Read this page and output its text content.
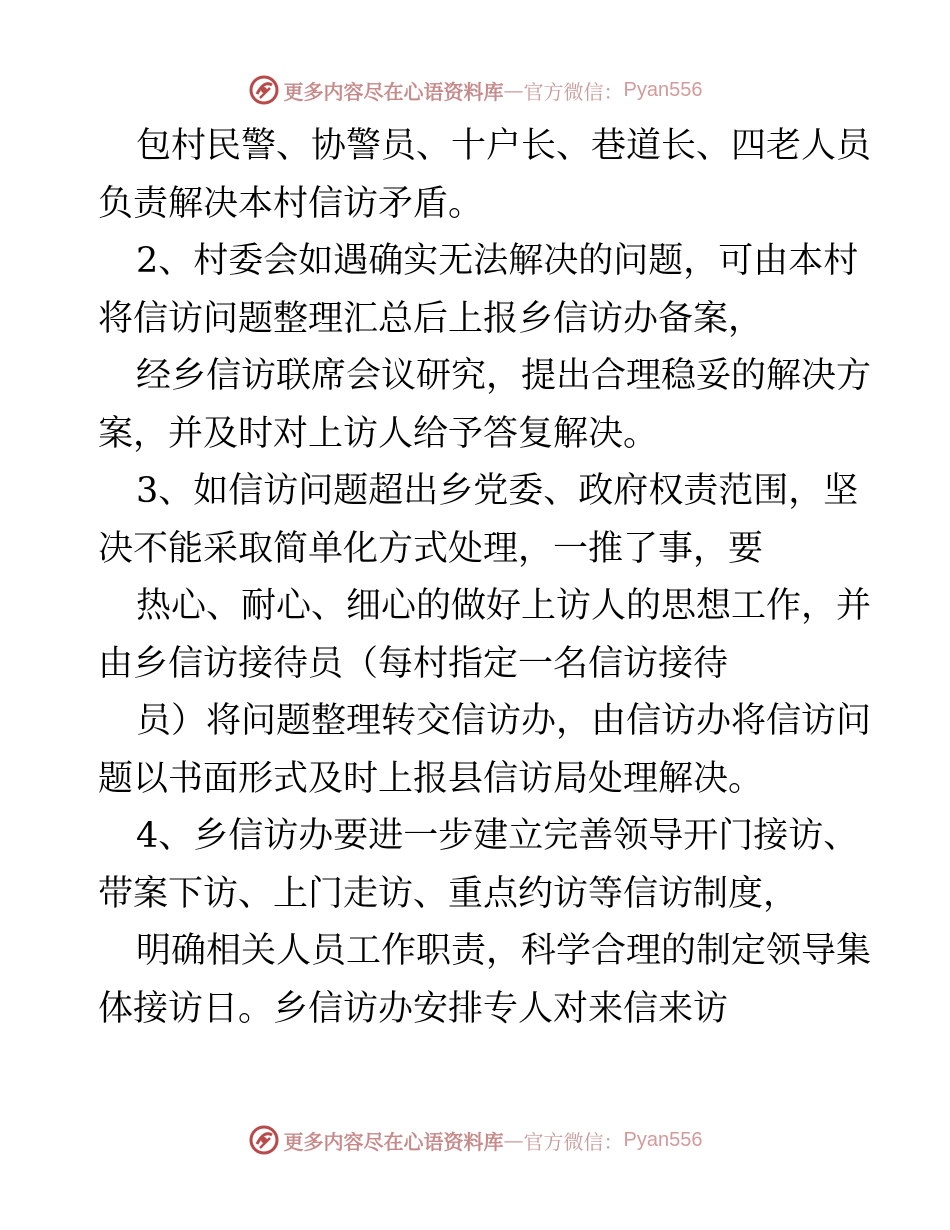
更多内容尽在心语资料库 — 官方微信： Pyan556
包村民警、协警员、十户长、巷道长、四老人员
负责解决本村信访矛盾。
2、村委会如遇确实无法解决的问题，可由本村
将信访问题整理汇总后上报乡信访办备案，
经乡信访联席会议研究，提出合理稳妥的解决方
案，并及时对上访人给予答复解决。
3、如信访问题超出乡党委、政府权责范围，坚
决不能采取简单化方式处理，一推了事，要
热心、耐心、细心的做好上访人的思想工作，并
由乡信访接待员（每村指定一名信访接待
员）将问题整理转交信访办，由信访办将信访问
题以书面形式及时上报县信访局处理解决。
4、乡信访办要进一步建立完善领导开门接访、
带案下访、上门走访、重点约访等信访制度，
明确相关人员工作职责，科学合理的制定领导集
体接访日。乡信访办安排专人对来信来访
更多内容尽在心语资料库 — 官方微信： Pyan556
